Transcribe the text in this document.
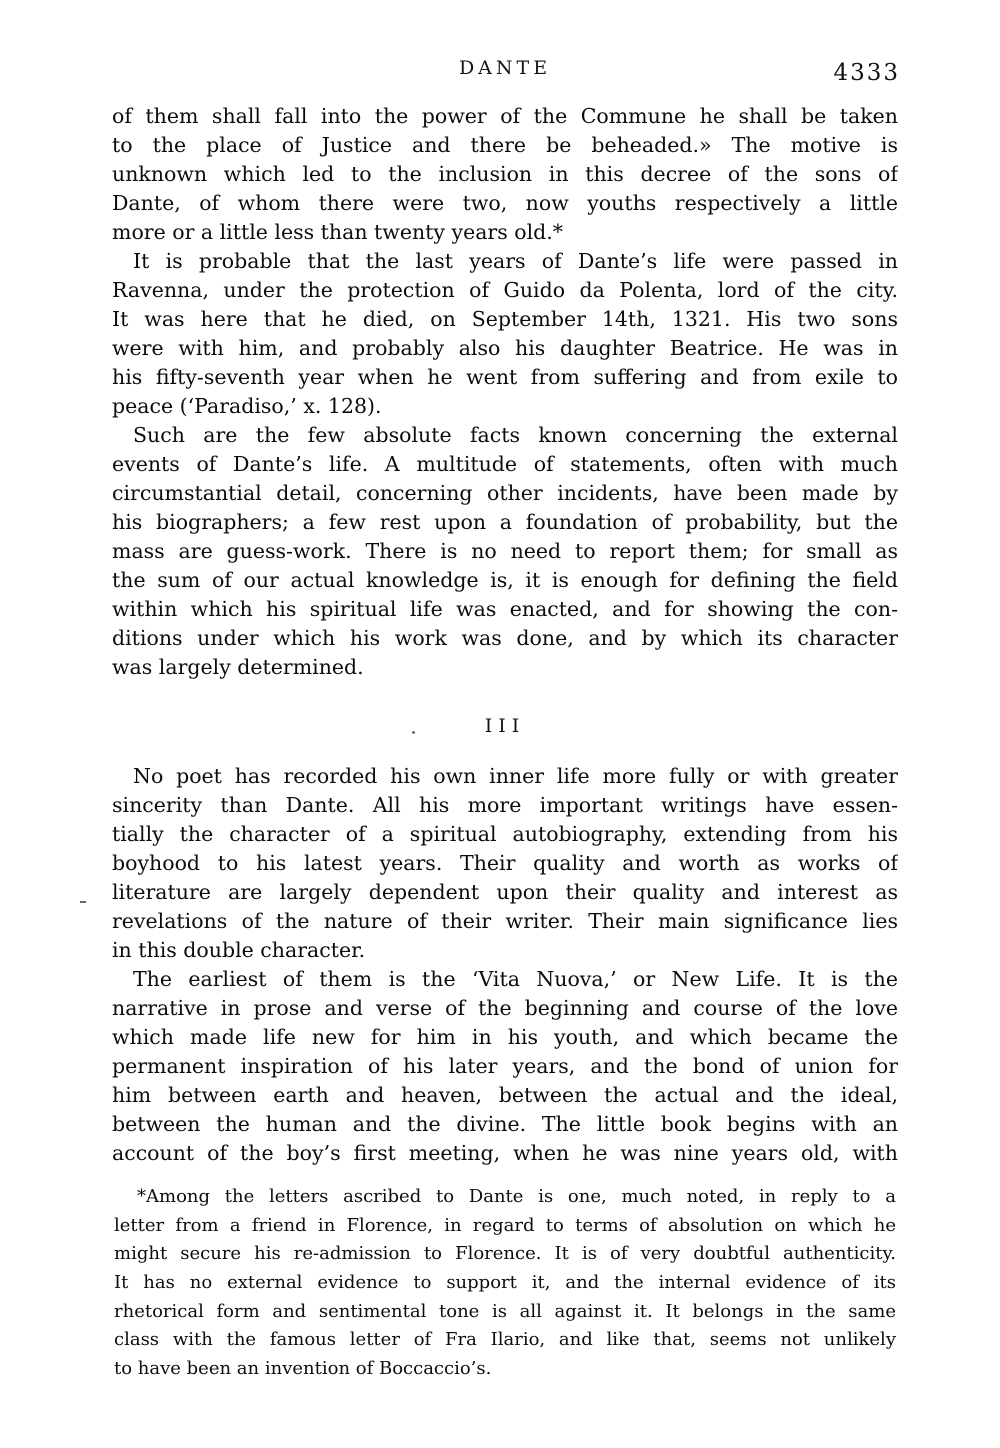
DANTE	4333
of them shall fall into the power of the Commune he shall be taken
to the place of Justice and there be beheaded.» The motive is
unknown which led to the inclusion in this decree of the sons of
Dante, of whom there were two, now youths respectively a little
more or a little less than twenty years old.*
It is probable that the last years of Dante’s life were passed in
Ravenna, under the protection of Guido da Polenta, lord of the city.
It was here that he died, on September 14th, 1321. His two sons
were with him, and probably also his daughter Beatrice. He was in
his fifty-seventh year when he went from suffering and from exile to
peace (‘Paradiso,’ x. 128).
Such are the few absolute facts known concerning the external
events of Dante’s life. A multitude of statements, often with much
circumstantial detail, concerning other incidents, have been made by
his biographers; a few rest upon a foundation of probability, but the
mass are guess-work. There is no need to report them; for small as
the sum of our actual knowledge is, it is enough for defining the field
within which his spiritual life was enacted, and for showing the con-
ditions under which his work was done, and by which its character
was largely determined.
III
No poet has recorded his own inner life more fully or with greater
sincerity than Dante. All his more important writings have essen-
tially the character of a spiritual autobiography, extending from his
boyhood to his latest years. Their quality and worth as works of
literature are largely dependent upon their quality and interest as
revelations of the nature of their writer. Their main significance lies
in this double character.
The earliest of them is the ‘Vita Nuova,’ or New Life. It is the
narrative in prose and verse of the beginning and course of the love
which made life new for him in his youth, and which became the
permanent inspiration of his later years, and the bond of union for
him between earth and heaven, between the actual and the ideal,
between the human and the divine. The little book begins with an
account of the boy’s first meeting, when he was nine years old, with
*Among the letters ascribed to Dante is one, much noted, in reply to a
letter from a friend in Florence, in regard to terms of absolution on which he
might secure his re-admission to Florence. It is of very doubtful authenticity.
It has no external evidence to support it, and the internal evidence of its
rhetorical form and sentimental tone is all against it. It belongs in the same
class with the famous letter of Fra Ilario, and like that, seems not unlikely
to have been an invention of Boccaccio’s.
